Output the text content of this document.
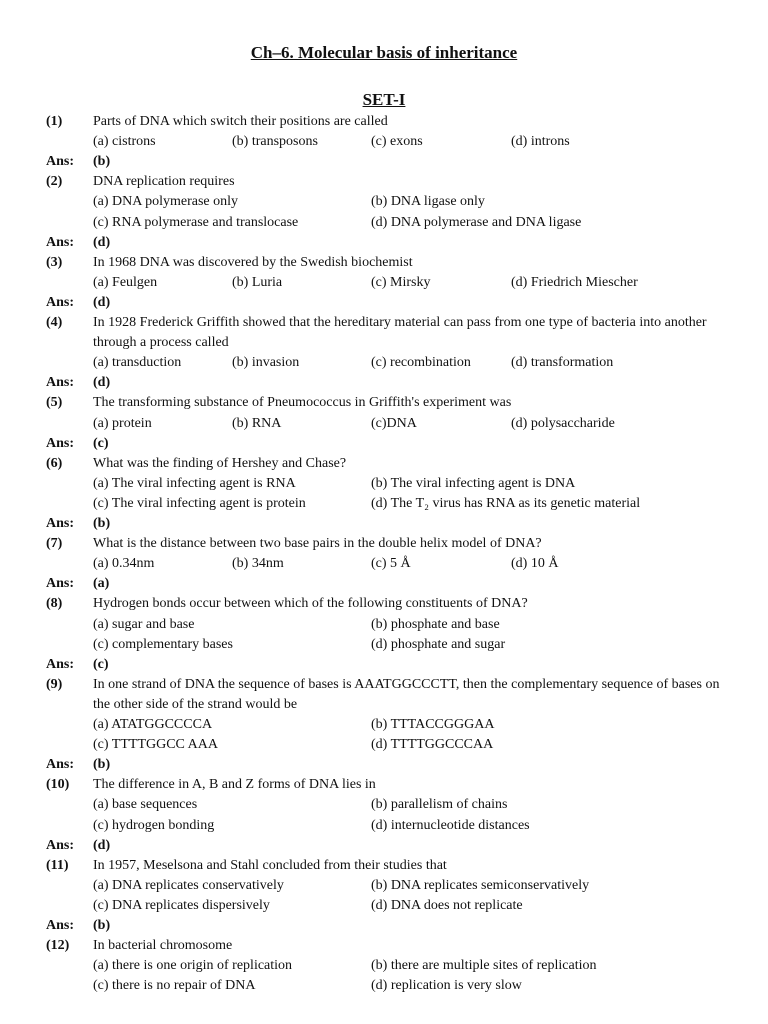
Ch–6. Molecular basis of inheritance
SET-I
(1) Parts of DNA which switch their positions are called
(a) cistrons	(b) transposons	(c) exons	(d) introns
Ans: (b)
(2) DNA replication requires
(a) DNA polymerase only	(b) DNA ligase only
(c) RNA polymerase and translocase	(d) DNA polymerase and DNA ligase
Ans: (d)
(3) In 1968 DNA was discovered by the Swedish biochemist
(a) Feulgen	(b) Luria	(c) Mirsky	(d) Friedrich Miescher
Ans: (d)
(4) In 1928 Frederick Griffith showed that the hereditary material can pass from one type of bacteria into another through a process called
(a) transduction	(b) invasion	(c) recombination	(d) transformation
Ans: (d)
(5) The transforming substance of Pneumococcus in Griffith's experiment was
(a) protein	(b) RNA	(c)DNA	(d) polysaccharide
Ans: (c)
(6) What was the finding of Hershey and Chase?
(a) The viral infecting agent is RNA	(b) The viral infecting agent is DNA
(c) The viral infecting agent is protein	(d) The T₂ virus has RNA as its genetic material
Ans: (b)
(7) What is the distance between two base pairs in the double helix model of DNA?
(a) 0.34nm	(b) 34nm	(c) 5 Å	(d) 10 Å
Ans: (a)
(8) Hydrogen bonds occur between which of the following constituents of DNA?
(a) sugar and base	(b) phosphate and base
(c) complementary bases	(d) phosphate and sugar
Ans: (c)
(9) In one strand of DNA the sequence of bases is AAATGGCCCTT, then the complementary sequence of bases on the other side of the strand would be
(a) ATATGGCCCCA	(b) TTTACCGGGAA
(c) TTTTGGCC AAA	(d) TTTTGGCCCAA
Ans: (b)
(10) The difference in A, B and Z forms of DNA lies in
(a) base sequences	(b) parallelism of chains
(c) hydrogen bonding	(d) internucleotide distances
Ans: (d)
(11) In 1957, Meselsona and Stahl concluded from their studies that
(a) DNA replicates conservatively	(b) DNA replicates semiconservatively
(c) DNA replicates dispersively	(d) DNA does not replicate
Ans: (b)
(12) In bacterial chromosome
(a) there is one origin of replication	(b) there are multiple sites of replication
(c) there is no repair of DNA	(d) replication is very slow
